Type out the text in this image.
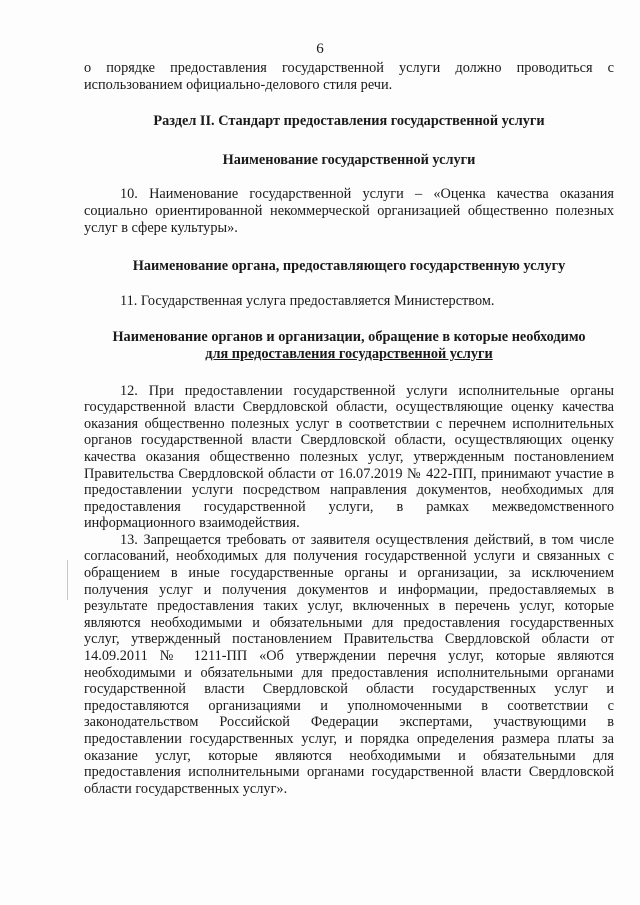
6

о порядке предоставления государственной услуги должно проводиться с использованием официально-делового стиля речи.

Раздел II. Стандарт предоставления государственной услуги

Наименование государственной услуги

10. Наименование государственной услуги – «Оценка качества оказания социально ориентированной некоммерческой организацией общественно полезных услуг в сфере культуры».

Наименование органа, предоставляющего государственную услугу

11. Государственная услуга предоставляется Министерством.

Наименование органов и организации, обращение в которые необходимо

для предоставления государственной услуги

12. При предоставлении государственной услуги исполнительные органы государственной власти Свердловской области, осуществляющие оценку качества оказания общественно полезных услуг в соответствии с перечнем исполнительных органов государственной власти Свердловской области, осуществляющих оценку качества оказания общественно полезных услуг, утвержденным постановлением Правительства Свердловской области от 16.07.2019 № 422-ПП, принимают участие в предоставлении услуги посредством направления документов, необходимых для предоставления государственной услуги, в рамках межведомственного информационного взаимодействия.

13. Запрещается требовать от заявителя осуществления действий, в том числе согласований, необходимых для получения государственной услуги и связанных с обращением в иные государственные органы и организации, за исключением получения услуг и получения документов и информации, предоставляемых в результате предоставления таких услуг, включенных в перечень услуг, которые являются необходимыми и обязательными для предоставления государственных услуг, утвержденный постановлением Правительства Свердловской области от 14.09.2011 № 1211-ПП «Об утверждении перечня услуг, которые являются необходимыми и обязательными для предоставления исполнительными органами государственной власти Свердловской области государственных услуг и предоставляются организациями и уполномоченными в соответствии с законодательством Российской Федерации экспертами, участвующими в предоставлении государственных услуг, и порядка определения размера платы за оказание услуг, которые являются необходимыми и обязательными для предоставления исполнительными органами государственной власти Свердловской области государственных услуг».
